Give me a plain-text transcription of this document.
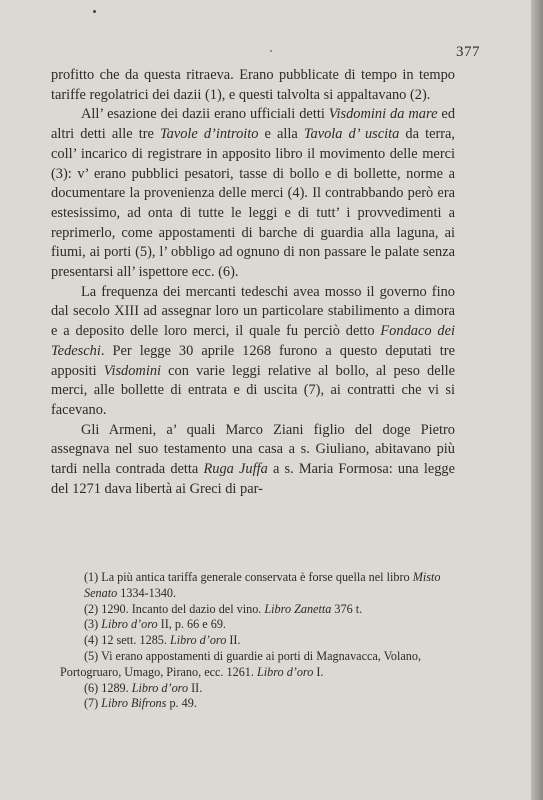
377

profitto che da questa ritraeva. Erano pubblicate di tempo in tempo tariffe regolatrici dei dazii (1), e questi talvolta si appaltavano (2).

All’ esazione dei dazii erano ufficiali detti Visdomini da mare ed altri detti alle tre Tavole d’introito e alla Tavola d’ uscita da terra, coll’ incarico di registrare in apposito libro il movimento delle merci (3): v’ erano pubblici pesatori, tasse di bollo e di bollette, norme a documentare la provenienza delle merci (4). Il contrabbando però era estesissimo, ad onta di tutte le leggi e di tutt’ i provvedimenti a reprimerlo, come appostamenti di barche di guardia alla laguna, ai fiumi, ai porti (5), l’ obbligo ad ognuno di non passare le palate senza presentarsi all’ ispettore ecc. (6).

La frequenza dei mercanti tedeschi avea mosso il governo fino dal secolo XIII ad assegnar loro un particolare stabilimento a dimora e a deposito delle loro merci, il quale fu perciò detto Fondaco dei Tedeschi. Per legge 30 aprile 1268 furono a questo deputati tre appositi Visdomini con varie leggi relative al bollo, al peso delle merci, alle bollette di entrata e di uscita (7), ai contratti che vi si facevano.

Gli Armeni, a’ quali Marco Ziani figlio del doge Pietro assegnava nel suo testamento una casa a s. Giuliano, abitavano più tardi nella contrada detta Ruga Juffa a s. Maria Formosa: una legge del 1271 dava libertà ai Greci di par-

(1) La più antica tariffa generale conservata è forse quella nel libro Misto Senato 1334-1340.

(2) 1290. Incanto del dazio del vino. Libro Zanetta 376 t.

(3) Libro d’oro II, p. 66 e 69.

(4) 12 sett. 1285. Libro d’oro II.

(5) Vi erano appostamenti di guardie ai porti di Magnavacca, Volano, Portogruaro, Umago, Pirano, ecc. 1261. Libro d’oro I.

(6) 1289. Libro d’oro II.

(7) Libro Bifrons p. 49.
